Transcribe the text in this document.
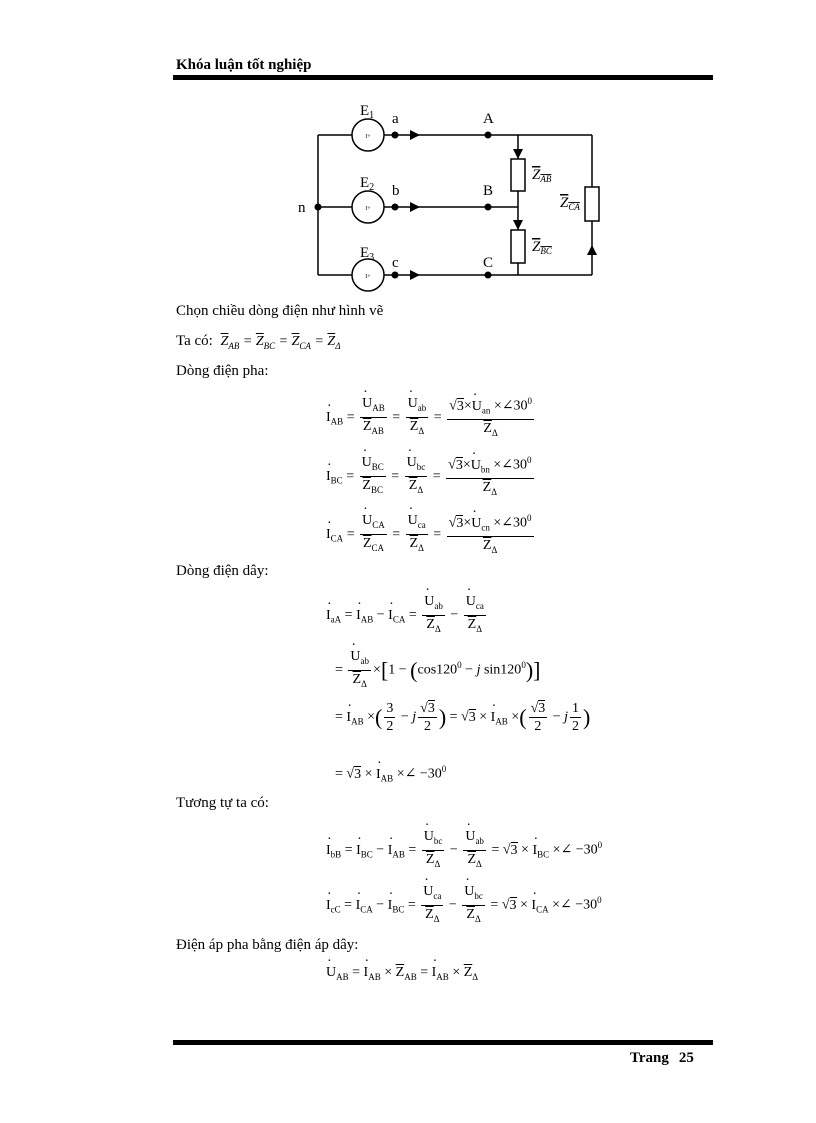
Khóa luận tốt nghiệp
I+
I+
I+
n
$E_1$
$E_2$
$E_3$
a
b
c
A
B
C
$Z_{AB}$
$Z_{BC}$
$Z_{CA}$
Chọn chiều dòng điện như hình vẽ
Ta có: $\overline{Z}_{AB} = \overline{Z}_{BC} = \overline{Z}_{CA} = \overline{Z}_\Delta$
Dòng điện pha:
· $I_{AB}$ = · $\frac{U_{AB}}{\overline{Z}_{AB}}$ = · $\frac{U_{ab}}{\overline{Z}_\Delta} = \frac{√3\times\cdot U_{an} \times\angle 30^0}{\overline{Z}_\Delta}$
· $I_{BC}$ = · $\frac{U_{BC}}{\overline{Z}_{BC}}$ = · $\frac{U_{bc}}{\overline{Z}_\Delta} = \frac{√3\times\cdot U_{bn} \times\angle 30^0}{\overline{Z}_\Delta}$
· $I_{CA}$ = · $\frac{U_{CA}}{\overline{Z}_{CA}}$ = · $\frac{U_{ca}}{\overline{Z}_\Delta} = \frac{√3\times\cdot U_{cn} \times\angle 30^0}{\overline{Z}_\Delta}$
Dòng điện dây:
· $I_{aA}$ = · $I_{AB}$ − · $I_{CA}$ = · $\frac{U_{ab}}{\overline{Z}_\Delta}$ − · $\frac{U_{ca}}{\overline{Z}_\Delta}$
= · $\frac{U_{ab}}{\overline{Z}_\Delta} \times[1 - (\cos 120^0 - j$ $\sin 120^0$)]
= · $I_{AB}$ ×( $\frac{3}{2} - j \frac{√3}{2}$ ) = √3 × · $I_{AB}$ ×( $\frac{√3}{2} - j \frac{1}{2}$ )
= √3 × · $I_{AB}$ ×∠ $-30^0$
Tương tự ta có:
· $I_{bB}$ = · $I_{BC}$ − · $I_{AB}$ = · $\frac{U_{bc}}{\overline{Z}_\Delta}$ − · $\frac{U_{ab}}{\overline{Z}_\Delta} = √3$ × · $I_{BC}$ ×∠ $-30^0$
· $I_{cC}$ = · $I_{CA}$ − · $I_{BC}$ = · $\frac{U_{ca}}{\overline{Z}_\Delta}$ − · $\frac{U_{bc}}{\overline{Z}_\Delta} = √3$ × · $I_{CA}$ ×∠ $-30^0$
Điện áp pha bằng điện áp dây:
· $U_{AB}$ = · $I_{AB} \times \overline{Z}_{AB}$ = · $I_{AB} \times \overline{Z}_\Delta$
Trang 25
